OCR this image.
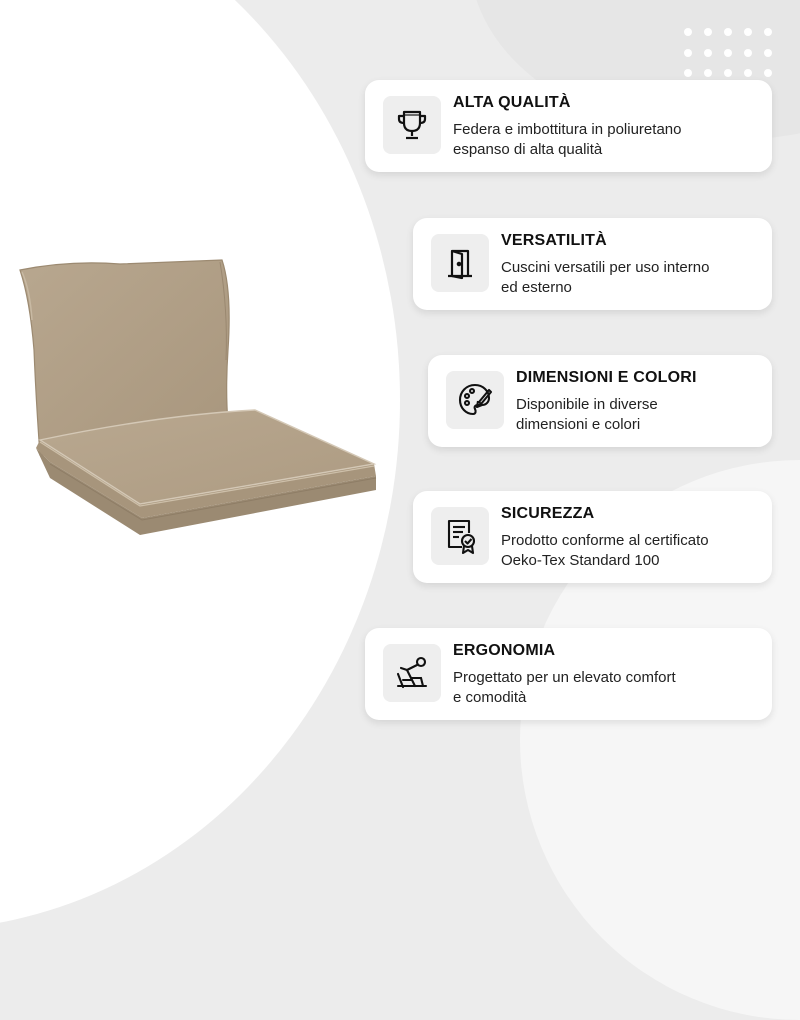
ALTA QUALITÀ
Federa e imbottitura in poliuretano
espanso di alta qualità
VERSATILITÀ
Cuscini versatili per uso interno
ed esterno
DIMENSIONI E COLORI
Disponibile in diverse
dimensioni e colori
SICUREZZA
Prodotto conforme al certificato
Oeko-Tex Standard 100
ERGONOMIA
Progettato per un elevato comfort
e comodità
